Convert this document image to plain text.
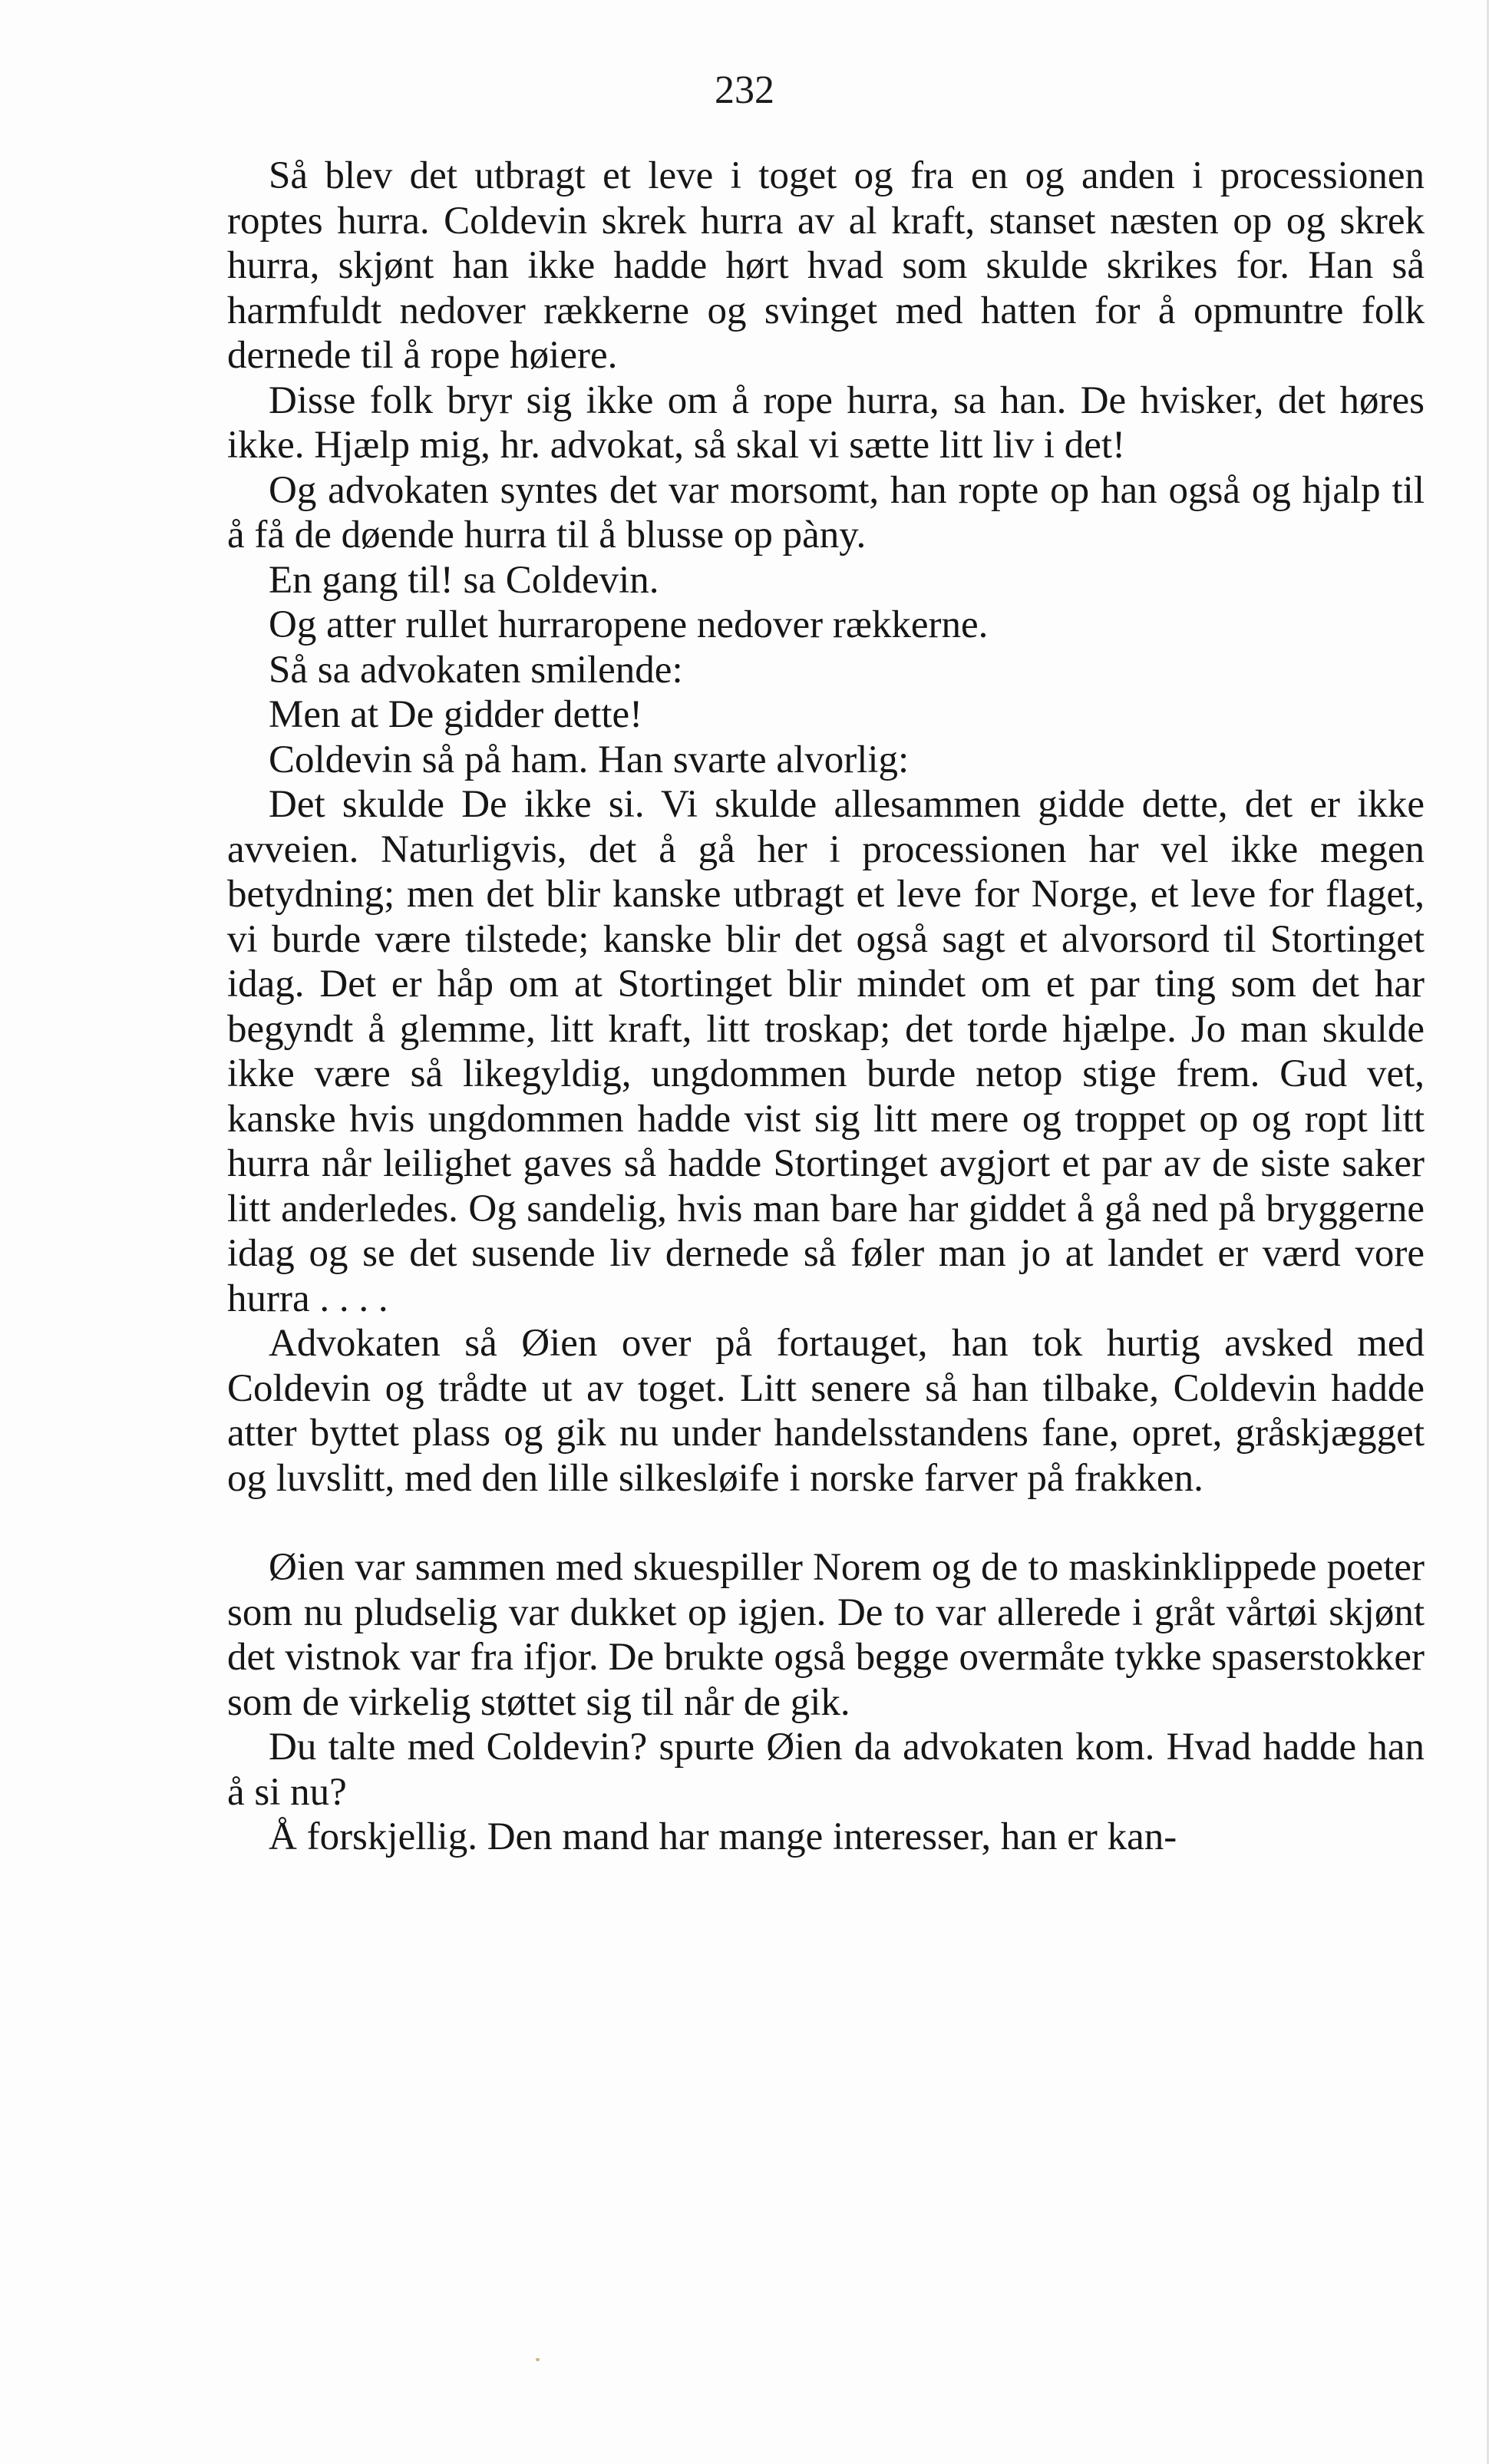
232

Så blev det utbragt et leve i toget og fra en og anden i processionen roptes hurra. Coldevin skrek hurra av al kraft, stanset næsten op og skrek hurra, skjønt han ikke hadde hørt hvad som skulde skrikes for. Han så harmfuldt nedover rækkerne og svinget med hatten for å opmuntre folk dernede til å rope høiere.

Disse folk bryr sig ikke om å rope hurra, sa han. De hvisker, det høres ikke. Hjælp mig, hr. advokat, så skal vi sætte litt liv i det!

Og advokaten syntes det var morsomt, han ropte op han også og hjalp til å få de døende hurra til å blusse op pàny.

En gang til! sa Coldevin.

Og atter rullet hurraropene nedover rækkerne.

Så sa advokaten smilende:

Men at De gidder dette!

Coldevin så på ham. Han svarte alvorlig:

Det skulde De ikke si. Vi skulde allesammen gidde dette, det er ikke avveien. Naturligvis, det å gå her i processionen har vel ikke megen betydning; men det blir kanske utbragt et leve for Norge, et leve for flaget, vi burde være tilstede; kanske blir det også sagt et alvorsord til Stortinget idag. Det er håp om at Stortinget blir mindet om et par ting som det har begyndt å glemme, litt kraft, litt troskap; det torde hjælpe. Jo man skulde ikke være så likegyldig, ungdommen burde netop stige frem. Gud vet, kanske hvis ungdommen hadde vist sig litt mere og troppet op og ropt litt hurra når leilighet gaves så hadde Stortinget avgjort et par av de siste saker litt anderledes. Og sandelig, hvis man bare har giddet å gå ned på bryggerne idag og se det susende liv dernede så føler man jo at landet er værd vore hurra . . . .

Advokaten så Øien over på fortauget, han tok hurtig avsked med Coldevin og trådte ut av toget. Litt senere så han tilbake, Coldevin hadde atter byttet plass og gik nu under handelsstandens fane, opret, gråskjægget og luvslitt, med den lille silkesløife i norske farver på frakken.

Øien var sammen med skuespiller Norem og de to maskinklippede poeter som nu pludselig var dukket op igjen. De to var allerede i gråt vårtøi skjønt det vistnok var fra ifjor. De brukte også begge overmåte tykke spaserstokker som de virkelig støttet sig til når de gik.

Du talte med Coldevin? spurte Øien da advokaten kom. Hvad hadde han å si nu?

Å forskjellig. Den mand har mange interesser, han er kan-
